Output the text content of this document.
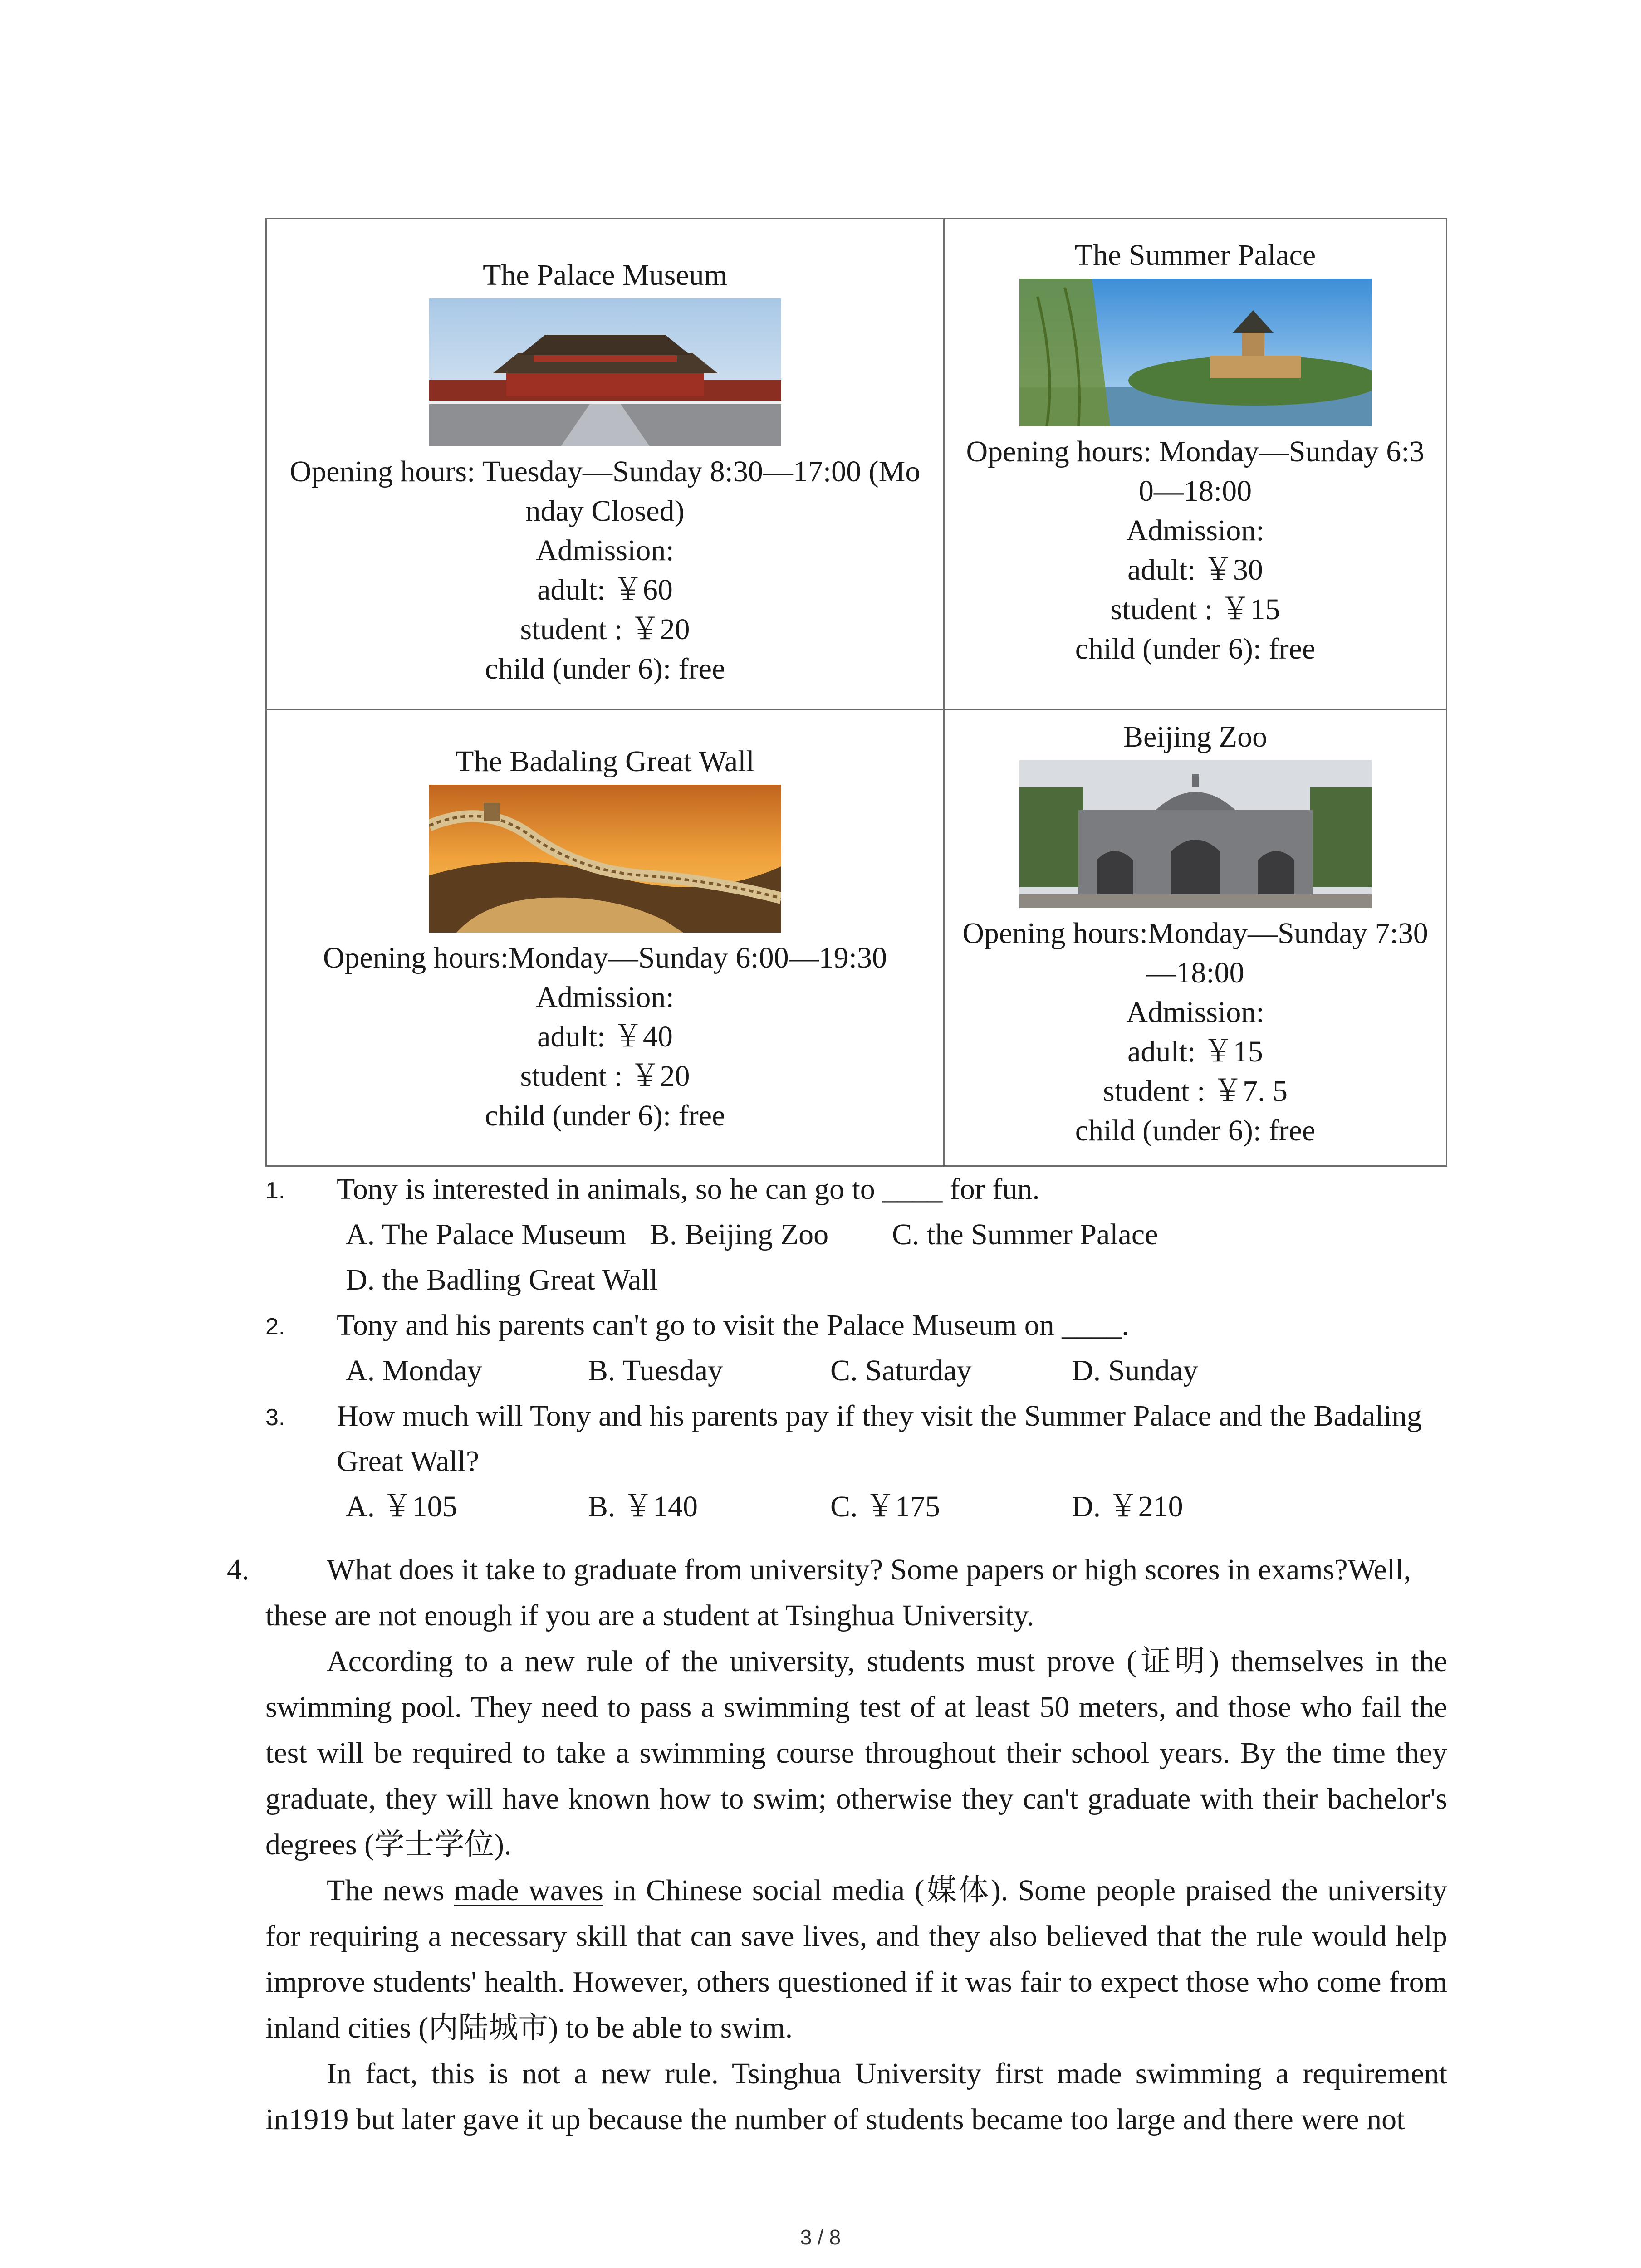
The Palace Museum
Opening hours: Tuesday—Sunday 8:30—17:00 (Mo
nday Closed)
Admission:
adult: ￥60
student : ￥20
child (under 6): free
The Summer Palace
Opening hours: Monday—Sunday 6:3
0—18:00
Admission:
adult: ￥30
student : ￥15
child (under 6): free
The Badaling Great Wall
Opening hours:Monday—Sunday 6:00—19:30
Admission:
adult: ￥40
student : ￥20
child (under 6): free
Beijing Zoo
Opening hours:Monday—Sunday 7:30
—18:00
Admission:
adult: ￥15
student : ￥7. 5
child (under 6): free
1. Tony is interested in animals, so he can go to ____ for fun.
A. The Palace Museum B. Beijing Zoo C. the Summer Palace
D. the Badling Great Wall
2. Tony and his parents can't go to visit the Palace Museum on ____.
A. Monday	B. Tuesday	C. Saturday	D. Sunday
3. How much will Tony and his parents pay if they visit the Summer Palace and the Badaling
Great Wall?
A. ￥105	B. ￥140	C. ￥175	D. ￥210
4.	What does it take to graduate from university? Some papers or high scores in exams?Well,

these are not enough if you are a student at Tsinghua University.

According to a new rule of the university, students must prove (证明) themselves in the swimming pool. They need to pass a swimming test of at least 50 meters, and those who fail the test will be required to take a swimming course throughout their school years. By the time they graduate, they will have known how to swim; otherwise they can't graduate with their bachelor's degrees (学士学位).

The news made waves in Chinese social media (媒体). Some people praised the university for requiring a necessary skill that can save lives, and they also believed that the rule would help improve students' health. However, others questioned if it was fair to expect those who come from inland cities (内陆城市) to be able to swim.

In fact, this is not a new rule. Tsinghua University first made swimming a requirement in1919 but later gave it up because the number of students became too large and there were not

3 / 8
